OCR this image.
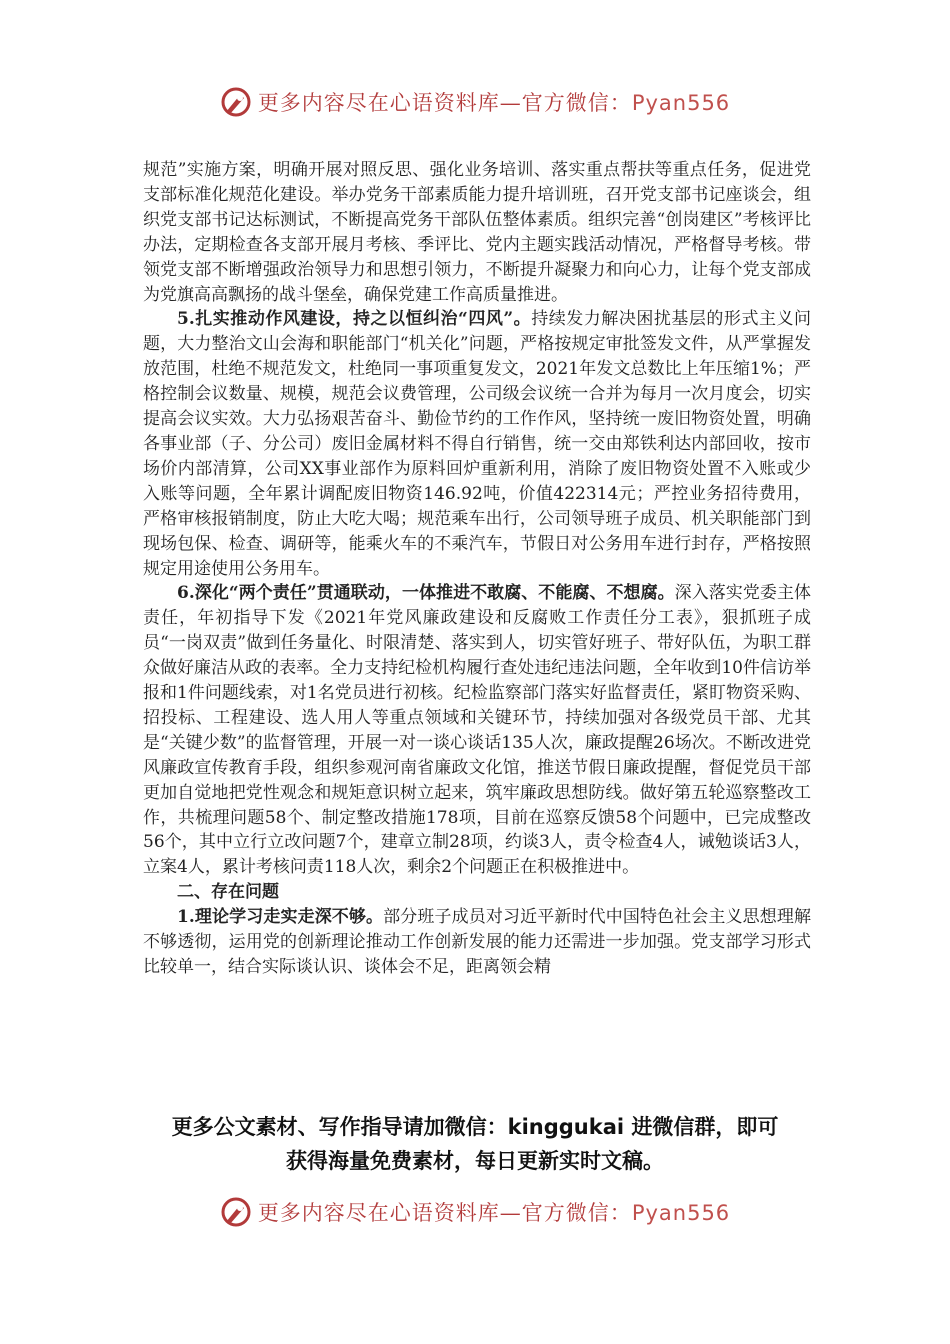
更多内容尽在心语资料库—官方微信：Pyan556

规范”实施方案，明确开展对照反思、强化业务培训、落实重点帮扶等重点任务，促进党支部标准化规范化建设。举办党务干部素质能力提升培训班，召开党支部书记座谈会，组织党支部书记达标测试，不断提高党务干部队伍整体素质。组织完善“创岗建区”考核评比办法，定期检查各支部开展月考核、季评比、党内主题实践活动情况，严格督导考核。带领党支部不断增强政治领导力和思想引领力，不断提升凝聚力和向心力，让每个党支部成为党旗高高飘扬的战斗堡垒，确保党建工作高质量推进。

5.扎实推动作风建设，持之以恒纠治“四风”。持续发力解决困扰基层的形式主义问题，大力整治文山会海和职能部门“机关化”问题，严格按规定审批签发文件，从严掌握发放范围，杜绝不规范发文，杜绝同一事项重复发文，2021年发文总数比上年压缩1%；严格控制会议数量、规模，规范会议费管理，公司级会议统一合并为每月一次月度会，切实提高会议实效。大力弘扬艰苦奋斗、勤俭节约的工作作风，坚持统一废旧物资处置，明确各事业部（子、分公司）废旧金属材料不得自行销售，统一交由郑铁利达内部回收，按市场价内部清算，公司XX事业部作为原料回炉重新利用，消除了废旧物资处置不入账或少入账等问题，全年累计调配废旧物资146.92吨，价值422314元；严控业务招待费用，严格审核报销制度，防止大吃大喝；规范乘车出行，公司领导班子成员、机关职能部门到现场包保、检查、调研等，能乘火车的不乘汽车，节假日对公务用车进行封存，严格按照规定用途使用公务用车。

6.深化“两个责任”贯通联动，一体推进不敢腐、不能腐、不想腐。深入落实党委主体责任，年初指导下发《2021年党风廉政建设和反腐败工作责任分工表》，狠抓班子成员“一岗双责”做到任务量化、时限清楚、落实到人，切实管好班子、带好队伍，为职工群众做好廉洁从政的表率。全力支持纪检机构履行查处违纪违法问题，全年收到10件信访举报和1件问题线索，对1名党员进行初核。纪检监察部门落实好监督责任，紧盯物资采购、招投标、工程建设、选人用人等重点领域和关键环节，持续加强对各级党员干部、尤其是“关键少数”的监督管理，开展一对一谈心谈话135人次，廉政提醒26场次。不断改进党风廉政宣传教育手段，组织参观河南省廉政文化馆，推送节假日廉政提醒，督促党员干部更加自觉地把党性观念和规矩意识树立起来，筑牢廉政思想防线。做好第五轮巡察整改工作，共梳理问题58个、制定整改措施178项，目前在巡察反馈58个问题中，已完成整改56个，其中立行立改问题7个，建章立制28项，约谈3人，责令检查4人，诫勉谈话3人，立案4人，累计考核问责118人次，剩余2个问题正在积极推进中。

二、存在问题

1.理论学习走实走深不够。部分班子成员对习近平新时代中国特色社会主义思想理解不够透彻，运用党的创新理论推动工作创新发展的能力还需进一步加强。党支部学习形式比较单一，结合实际谈认识、谈体会不足，距离领会精

更多公文素材、写作指导请加微信：kinggukai 进微信群，即可
获得海量免费素材，每日更新实时文稿。
更多内容尽在心语资料库—官方微信：Pyan556
